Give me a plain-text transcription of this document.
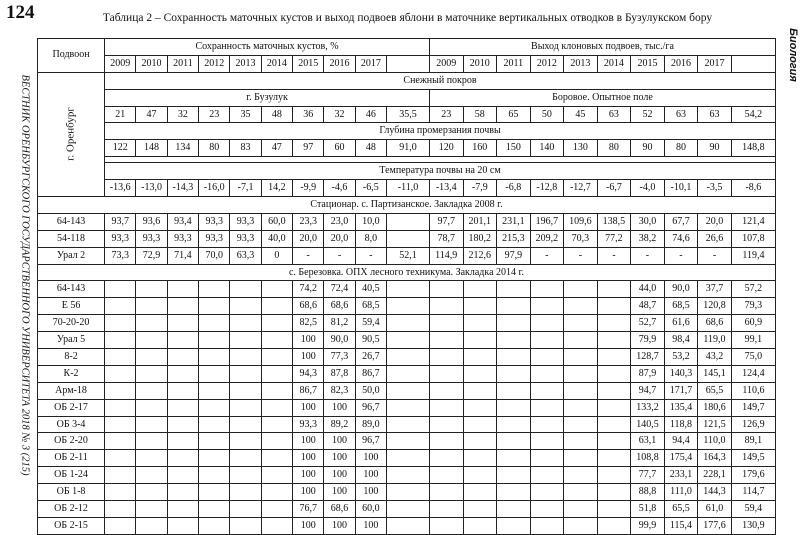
124
ВЕСТНИК ОРЕНБУРГСКОГО ГОСУДАРСТВЕННОГО УНИВЕРСИТЕТА 2018 № 3 (215)
Биология
Таблица 2 – Сохранность маточных кустов и выход подвоев яблони в маточнике вертикальных отводков в Бузулукском бору
Подвоон	Сохранность маточных кустов, %										Выход клоновых подвоев, тыс./га									
	2009	2010	2011	2012	2013	2014	2015	2016	2017		2009	2010	2011	2012	2013	2014	2015	2016	2017	

г. Оренбург	Снежный покров																			
	г. Бузулук										Боровое. Опытное поле									
	21	47	32	23	35	48	36	32	46	35,5	23	58	65	50	45	63	52	63	63	54,2
	Глубина промерзания почвы																			
	122	148	134	80	83	47	97	60	48	91,0	120	160	150	140	130	80	90	80	90	148,8

	Температура почвы на 20 см																			
	-13,6	-13,0	-14,3	-16,0	-7,1	14,2	-9,9	-4,6	-6,5	-11,0	-13,4	-7,9	-6,8	-12,8	-12,7	-6,7	-4,0	-10,1	-3,5	-8,6
Стационар. с. Партизанское. Закладка 2008 г.																				
64-143	93,7	93,6	93,4	93,3	93,3	60,0	23,3	23,0	10,0		97,7	201,1	231,1	196,7	109,6	138,5	30,0	67,7	20,0	121,4
54-118	93,3	93,3	93,3	93,3	93,3	40,0	20,0	20,0	8,0		78,7	180,2	215,3	209,2	70,3	77,2	38,2	74,6	26,6	107,8
Урал 2	73,3	72,9	71,4	70,0	63,3	0	-	-	-	52,1	114,9	212,6	97,9	-	-	-	-	-	-	119,4
с. Березовка. ОПХ лесного техникума. Закладка 2014 г.																				
64-143							74,2	72,4	40,5								44,0	90,0	37,7	57,2
Е 56							68,6	68,6	68,5								48,7	68,5	120,8	79,3
70-20-20							82,5	81,2	59,4								52,7	61,6	68,6	60,9
Урал 5							100	90,0	90,5								79,9	98,4	119,0	99,1
8-2							100	77,3	26,7								128,7	53,2	43,2	75,0
К-2							94,3	87,8	86,7								87,9	140,3	145,1	124,4
Арм-18							86,7	82,3	50,0								94,7	171,7	65,5	110,6
ОБ 2-17							100	100	96,7								133,2	135,4	180,6	149,7
ОБ 3-4							93,3	89,2	89,0								140,5	118,8	121,5	126,9
ОБ 2-20							100	100	96,7								63,1	94,4	110,0	89,1
ОБ 2-11							100	100	100								108,8	175,4	164,3	149,5
ОБ 1-24							100	100	100								77,7	233,1	228,1	179,6
ОБ 1-8							100	100	100								88,8	111,0	144,3	114,7
ОБ 2-12							76,7	68,6	60,0								51,8	65,5	61,0	59,4
ОБ 2-15							100	100	100								99,9	115,4	177,6	130,9
